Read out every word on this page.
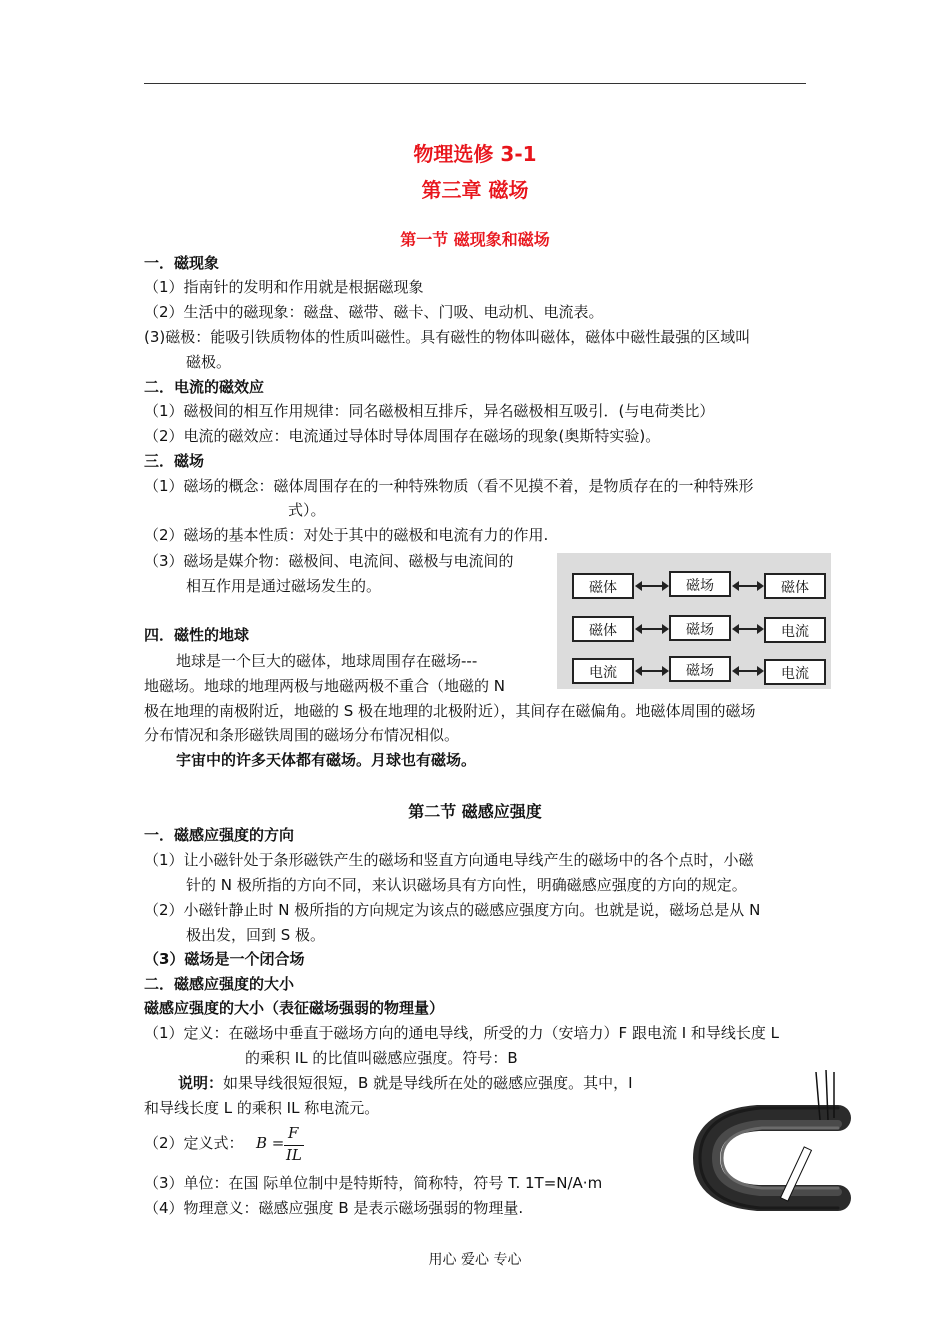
物理选修 3-1
第三章 磁场
第一节 磁现象和磁场
一．磁现象
（1）指南针的发明和作用就是根据磁现象
（2）生活中的磁现象：磁盘、磁带、磁卡、门吸、电动机、电流表。
(3)磁极：能吸引铁质物体的性质叫磁性。具有磁性的物体叫磁体，磁体中磁性最强的区域叫
磁极。
二．电流的磁效应
（1）磁极间的相互作用规律：同名磁极相互排斥，异名磁极相互吸引．(与电荷类比）
（2）电流的磁效应：电流通过导体时导体周围存在磁场的现象(奥斯特实验)。
三．磁场
（1）磁场的概念：磁体周围存在的一种特殊物质（看不见摸不着，是物质存在的一种特殊形
式）。
（2）磁场的基本性质：对处于其中的磁极和电流有力的作用.
（3）磁场是媒介物：磁极间、电流间、磁极与电流间的
相互作用是通过磁场发生的。	磁体	磁场	磁体
磁体	磁场	电流
电流	磁场	电流
四．磁性的地球
地球是一个巨大的磁体，地球周围存在磁场---
地磁场。地球的地理两极与地磁两极不重合（地磁的 N
极在地理的南极附近，地磁的 S 极在地理的北极附近），其间存在磁偏角。地磁体周围的磁场
分布情况和条形磁铁周围的磁场分布情况相似。
宇宙中的许多天体都有磁场。月球也有磁场。
第二节 磁感应强度
一．磁感应强度的方向
（1）让小磁针处于条形磁铁产生的磁场和竖直方向通电导线产生的磁场中的各个点时，小磁
针的 N 极所指的方向不同，来认识磁场具有方向性，明确磁感应强度的方向的规定。
（2）小磁针静止时 N 极所指的方向规定为该点的磁感应强度方向。也就是说，磁场总是从 N
极出发，回到 S 极。
（3）磁场是一个闭合场
二．磁感应强度的大小
磁感应强度的大小（表征磁场强弱的物理量）
（1）定义：在磁场中垂直于磁场方向的通电导线，所受的力（安培力）F 跟电流 I 和导线长度 L
的乘积 IL 的比值叫磁感应强度。符号：B
说明：如果导线很短很短，B 就是导线所在处的磁感应强度。其中，I
和导线长度 L 的乘积 IL 称电流元。
（2）定义式： B =
F
IL
（3）单位：在国 际单位制中是特斯特，简称特，符号 T. 1T=N/A·m
（4）物理意义：磁感应强度 B 是表示磁场强弱的物理量.
用心 爱心 专心
